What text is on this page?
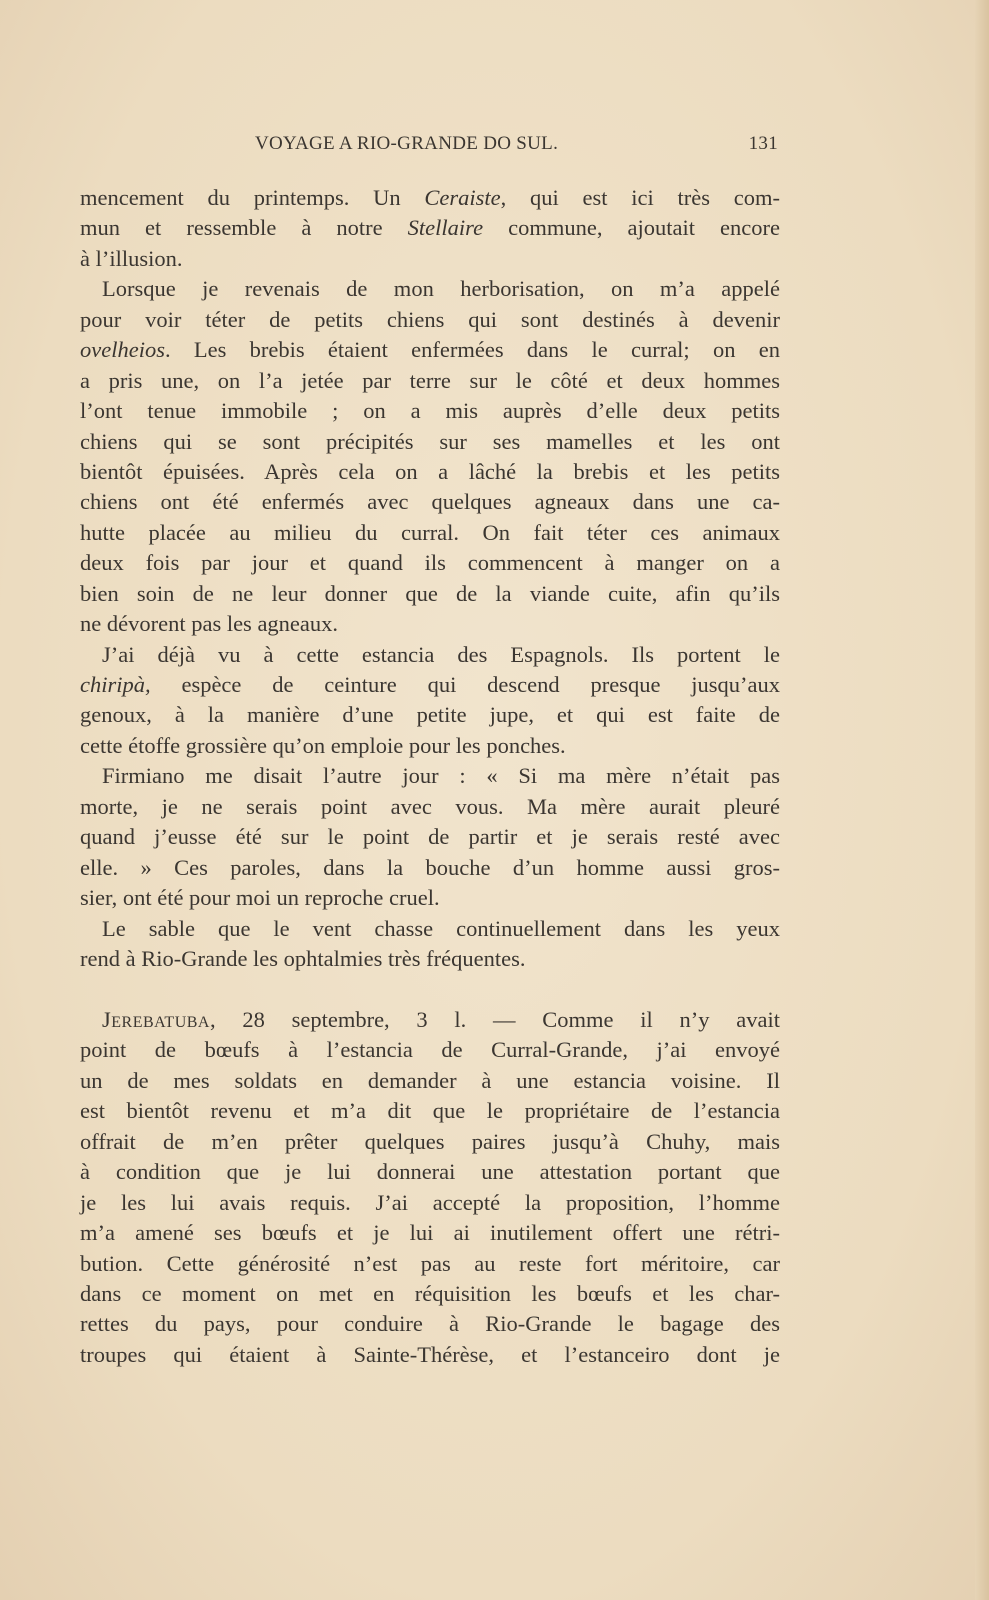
VOYAGE A RIO-GRANDE DO SUL.	131
mencement du printemps. Un Ceraiste, qui est ici très com-
mun et ressemble à notre Stellaire commune, ajoutait encore
à l’illusion.
Lorsque je revenais de mon herborisation, on m’a appelé
pour voir téter de petits chiens qui sont destinés à devenir
ovelheios. Les brebis étaient enfermées dans le curral; on en
a pris une, on l’a jetée par terre sur le côté et deux hommes
l’ont tenue immobile ; on a mis auprès d’elle deux petits
chiens qui se sont précipités sur ses mamelles et les ont
bientôt épuisées. Après cela on a lâché la brebis et les petits
chiens ont été enfermés avec quelques agneaux dans une ca-
hutte placée au milieu du curral. On fait téter ces animaux
deux fois par jour et quand ils commencent à manger on a
bien soin de ne leur donner que de la viande cuite, afin qu’ils
ne dévorent pas les agneaux.
J’ai déjà vu à cette estancia des Espagnols. Ils portent le
chiripà, espèce de ceinture qui descend presque jusqu’aux
genoux, à la manière d’une petite jupe, et qui est faite de
cette étoffe grossière qu’on emploie pour les ponches.
Firmiano me disait l’autre jour : « Si ma mère n’était pas
morte, je ne serais point avec vous. Ma mère aurait pleuré
quand j’eusse été sur le point de partir et je serais resté avec
elle. » Ces paroles, dans la bouche d’un homme aussi gros-
sier, ont été pour moi un reproche cruel.
Le sable que le vent chasse continuellement dans les yeux
rend à Rio-Grande les ophtalmies très fréquentes.
Jerebatuba, 28 septembre, 3 l. — Comme il n’y avait
point de bœufs à l’estancia de Curral-Grande, j’ai envoyé
un de mes soldats en demander à une estancia voisine. Il
est bientôt revenu et m’a dit que le propriétaire de l’estancia
offrait de m’en prêter quelques paires jusqu’à Chuhy, mais
à condition que je lui donnerai une attestation portant que
je les lui avais requis. J’ai accepté la proposition, l’homme
m’a amené ses bœufs et je lui ai inutilement offert une rétri-
bution. Cette générosité n’est pas au reste fort méritoire, car
dans ce moment on met en réquisition les bœufs et les char-
rettes du pays, pour conduire à Rio-Grande le bagage des
troupes qui étaient à Sainte-Thérèse, et l’estanceiro dont je
